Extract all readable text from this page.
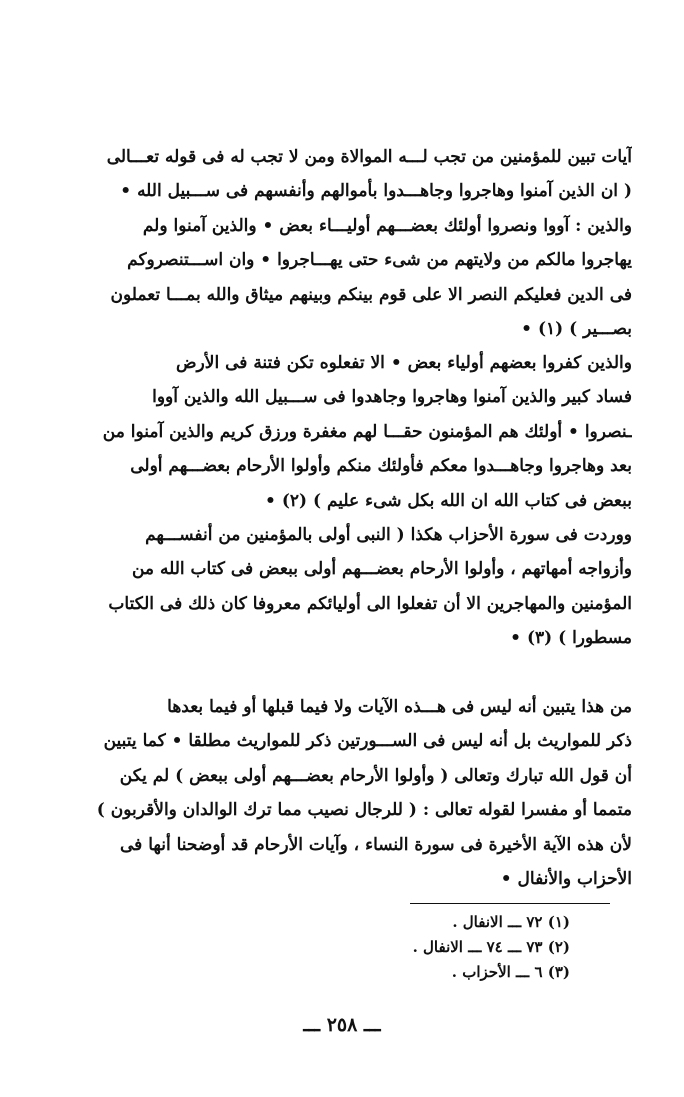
آيات تبين للمؤمنين من تجب لـــه الموالاة ومن لا تجب له فى قوله تعـــالى
( ان الذين آمنوا وهاجروا وجاهـــدوا بأموالهم وأنفسهم فى ســـبيل الله •
والذين : آووا ونصروا أولئك بعضـــهم أوليـــاء بعض • والذين آمنوا ولم
يهاجروا مالكم من ولايتهم من شىء حتى يهـــاجروا • وان اســـتنصروكم
فى الدين فعليكم النصر الا على قوم بينكم وبينهم ميثاق والله بمـــا تعملون
بصـــير ) (١) •
والذين كفروا بعضهم أولياء بعض • الا تفعلوه تكن فتنة فى الأرض
فساد كبير والذين آمنوا وهاجروا وجاهدوا فى ســـبيل الله والذين آووا
ـنصروا • أولئك هم المؤمنون حقـــا لهم مغفرة ورزق كريم والذين آمنوا من
بعد وهاجروا وجاهـــدوا معكم فأولئك منكم وأولوا الأرحام بعضـــهم أولى
ببعض فى كتاب الله ان الله بكل شىء عليم ) (٢) •
ووردت فى سورة الأحزاب هكذا ( النبى أولى بالمؤمنين من أنفســـهم
وأزواجه أمهاتهم ، وأولوا الأرحام بعضـــهم أولى ببعض فى كتاب الله من
المؤمنين والمهاجرين الا أن تفعلوا الى أوليائكم معروفا كان ذلك فى الكتاب
مسطورا ) (٣) •
من هذا يتبين أنه ليس فى هـــذه الآيات ولا فيما قبلها أو فيما بعدها
ذكر للمواريث بل أنه ليس فى الســـورتين ذكر للمواريث مطلقا • كما يتبين
أن قول الله تبارك وتعالى ( وأولوا الأرحام بعضـــهم أولى ببعض ) لم يكن
متمما أو مفسرا لقوله تعالى : ( للرجال نصيب مما ترك الوالدان والأقربون )
لأن هذه الآية الأخيرة فى سورة النساء ، وآيات الأرحام قد أوضحنا أنها فى
الأحزاب والأنفال •
(١) ٧٢ ـــ الانفال .
(٢) ٧٣ ـــ ٧٤ ـــ الانفال .
(٣) ٦ ـــ الأحزاب .
ـــ ٢٥٨ ـــ
